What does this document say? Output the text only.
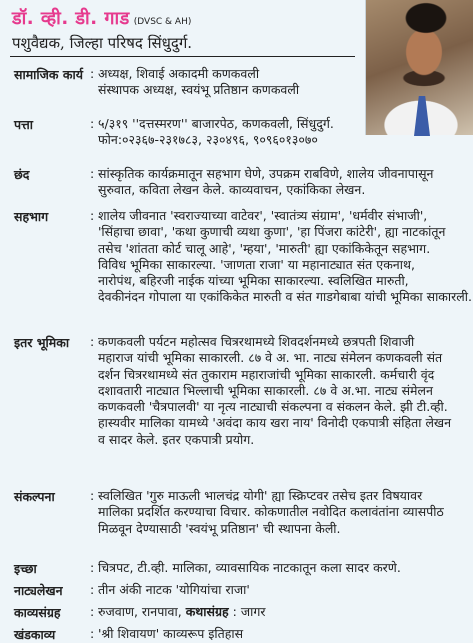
डॉ. व्ही. डी. गाड (DVSC & AH)
पशुवैद्यक, जिल्हा परिषद सिंधुदुर्ग.
सामाजिक कार्य : अध्यक्ष, शिवाई अकादमी कणकवली
संस्थापक अध्यक्ष, स्वयंभू प्रतिष्ठान कणकवली
पत्ता	: ५/३१९ ''दत्तस्मरण'' बाजारपेठ, कणकवली, सिंधुदुर्ग.
फोन:०२३६७-२३१७८३, २३०४९६, ९०९६०१३०७०
छंद	: सांस्कृतिक कार्यक्रमातून सहभाग घेणे, उपक्रम राबविणे, शालेय जीवनापासून
सुरुवात, कविता लेखन केले. काव्यवाचन, एकांकिका लेखन.
सहभाग	: शालेय जीवनात 'स्वराज्याच्या वाटेवर', 'स्वातंत्र्य संग्राम', 'धर्मवीर संभाजी',
'सिंहाचा छावा', 'कथा कुणाची व्यथा कुणा', 'हा पिंजरा कांटेरी', ह्या नाटकांतून
तसेच 'शांतता कोर्ट चालू आहे', 'म्हया', 'मारुती' ह्या एकांकिकेतून सहभाग.
विविध भूमिका साकारल्या. 'जाणता राजा' या महानाट्यात संत एकनाथ,
नारोपंथ, बहिरजी नाईक यांच्या भूमिका साकारल्या. स्वलिखित मारुती,
देवकीनंदन गोपाला या एकांकिकेत मारुती व संत गाडगेबाबा यांची भूमिका साकारली.
इतर भूमिका : कणकवली पर्यटन महोत्सव चित्ररथामध्ये शिवदर्शनमध्ये छत्रपती शिवाजी
महाराज यांची भूमिका साकारली. ८७ वे अ. भा. नाट्य संमेलन कणकवली संत
दर्शन चित्ररथामध्ये संत तुकाराम महाराजांची भूमिका साकारली. कर्मचारी वृंद
दशावतारी नाट्यात भिल्लाची भूमिका साकारली. ८७ वे अ.भा. नाट्य संमेलन
कणकवली 'चैत्रपालवी' या नृत्य नाट्याची संकल्पना व संकलन केले. झी टी.व्ही.
हास्यवीर मालिका यामध्ये 'अवंदा काय खरा नाय' विनोदी एकपात्री संहिता लेखन
व सादर केले. इतर एकपात्री प्रयोग.
संकल्पना	: स्वलिखित 'गुरु माऊली भालचंद्र योगी' ह्या स्क्रिप्टवर तसेच इतर विषयावर
मालिका प्रदर्शित करण्याचा विचार. कोकणातील नवोदित कलावंतांना व्यासपीठ
मिळवून देण्यासाठी 'स्वयंभू प्रतिष्ठान' ची स्थापना केली.
इच्छा	: चित्रपट, टी.व्ही. मालिका, व्यावसायिक नाटकातून कला सादर करणे.
नाट्यलेखन : तीन अंकी नाटक 'योगियांचा राजा'
काव्यसंग्रह : रुजवाण, रानपावा, कथासंग्रह : जागर
खंडकाव्य	: 'श्री शिवायण' काव्यरूप इतिहास
